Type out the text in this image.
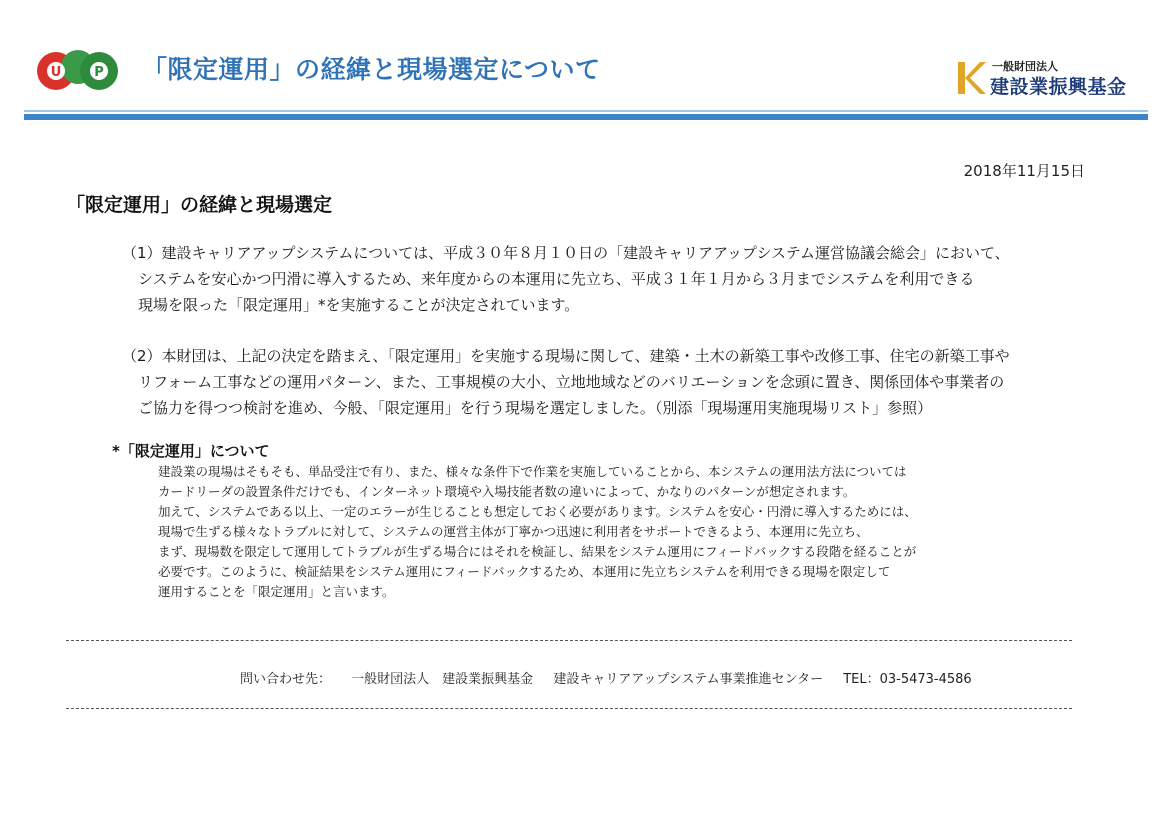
U
C
P 「限定運用」の経緯と現場選定について
K
一般財団法人
建設業振興基金
2018年11月15日
「限定運用」の経緯と現場選定
（1）建設キャリアアップシステムについては、平成３０年８月１０日の「建設キャリアアップシステム運営協議会総会」において、
システムを安心かつ円滑に導入するため、来年度からの本運用に先立ち、平成３１年１月から３月までシステムを利用できる
現場を限った「限定運用」*を実施することが決定されています。
（2）本財団は、上記の決定を踏まえ、「限定運用」を実施する現場に関して、建築・土木の新築工事や改修工事、住宅の新築工事や
リフォーム工事などの運用パターン、また、工事規模の大小、立地地域などのバリエーションを念頭に置き、関係団体や事業者の
ご協力を得つつ検討を進め、今般、「限定運用」を行う現場を選定しました。（別添「現場運用実施現場リスト」参照）
*「限定運用」について
建設業の現場はそもそも、単品受注で有り、また、様々な条件下で作業を実施していることから、本システムの運用法方法については
カードリーダの設置条件だけでも、インターネット環境や入場技能者数の違いによって、かなりのパターンが想定されます。
加えて、システムである以上、一定のエラーが生じることも想定しておく必要があります。システムを安心・円滑に導入するためには、
現場で生ずる様々なトラブルに対して、システムの運営主体が丁寧かつ迅速に利用者をサポートできるよう、本運用に先立ち、
まず、現場数を限定して運用してトラブルが生ずる場合にはそれを検証し、結果をシステム運用にフィードバックする段階を経ることが
必要です。このように、検証結果をシステム運用にフィードバックするため、本運用に先立ちシステムを利用できる現場を限定して
運用することを「限定運用」と言います。
問い合わせ先： 一般財団法人　建設業振興基金 建設キャリアアップシステム事業推進センター TEL：03-5473-4586
